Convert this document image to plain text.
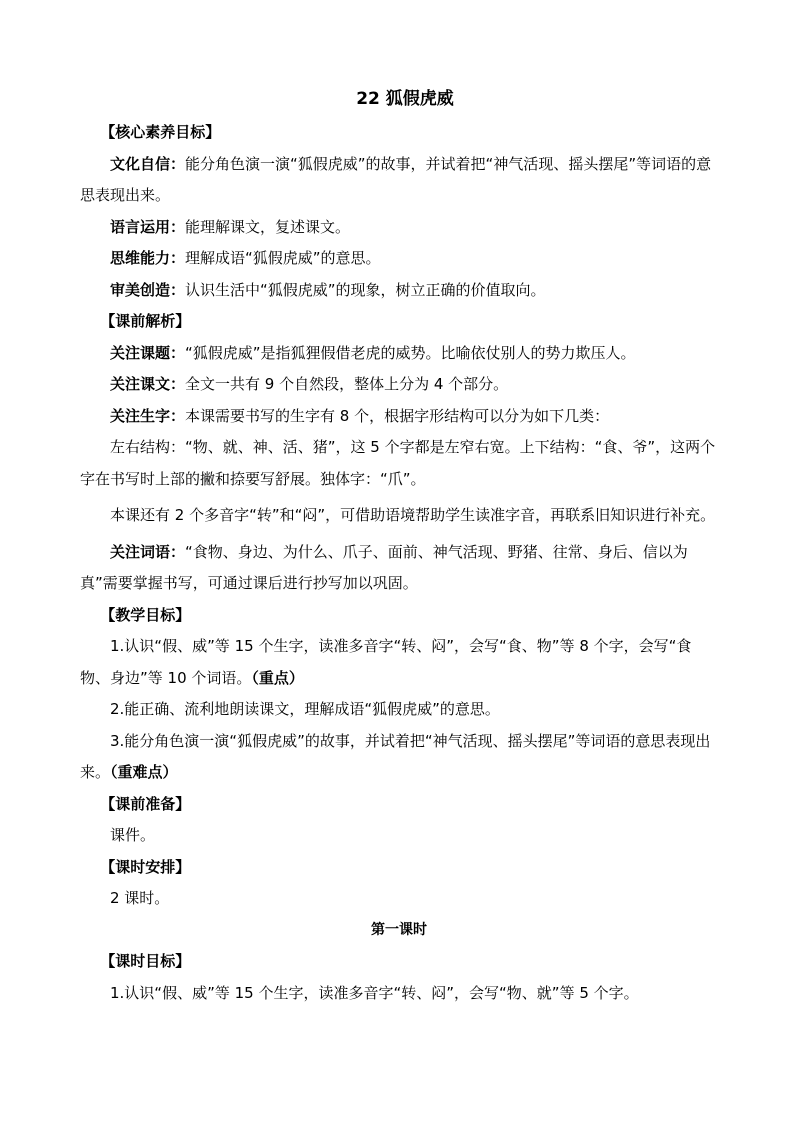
22 狐假虎威
【核心素养目标】
文化自信：能分角色演一演“狐假虎威”的故事，并试着把“神气活现、摇头摆尾”等词语的意思表现出来。
语言运用：能理解课文，复述课文。
思维能力：理解成语“狐假虎威”的意思。
审美创造：认识生活中“狐假虎威”的现象，树立正确的价值取向。
【课前解析】
关注课题：“狐假虎威”是指狐狸假借老虎的威势。比喻依仗别人的势力欺压人。
关注课文：全文一共有 9 个自然段，整体上分为 4 个部分。
关注生字：本课需要书写的生字有 8 个，根据字形结构可以分为如下几类：
左右结构：“物、就、神、活、猪”，这 5 个字都是左窄右宽。上下结构：“食、爷”，这两个字在书写时上部的撇和捺要写舒展。独体字：“爪”。
本课还有 2 个多音字“转”和“闷”，可借助语境帮助学生读准字音，再联系旧知识进行补充。
关注词语：“食物、身边、为什么、爪子、面前、神气活现、野猪、往常、身后、信以为真”需要掌握书写，可通过课后进行抄写加以巩固。
【教学目标】
1.认识“假、威”等 15 个生字，读准多音字“转、闷”，会写“食、物”等 8 个字，会写“食物、身边”等 10 个词语。（重点）
2.能正确、流利地朗读课文，理解成语“狐假虎威”的意思。
3.能分角色演一演“狐假虎威”的故事，并试着把“神气活现、摇头摆尾”等词语的意思表现出来。（重难点）
【课前准备】
课件。
【课时安排】
2 课时。
第一课时
【课时目标】
1.认识“假、威”等 15 个生字，读准多音字“转、闷”，会写“物、就”等 5 个字。
